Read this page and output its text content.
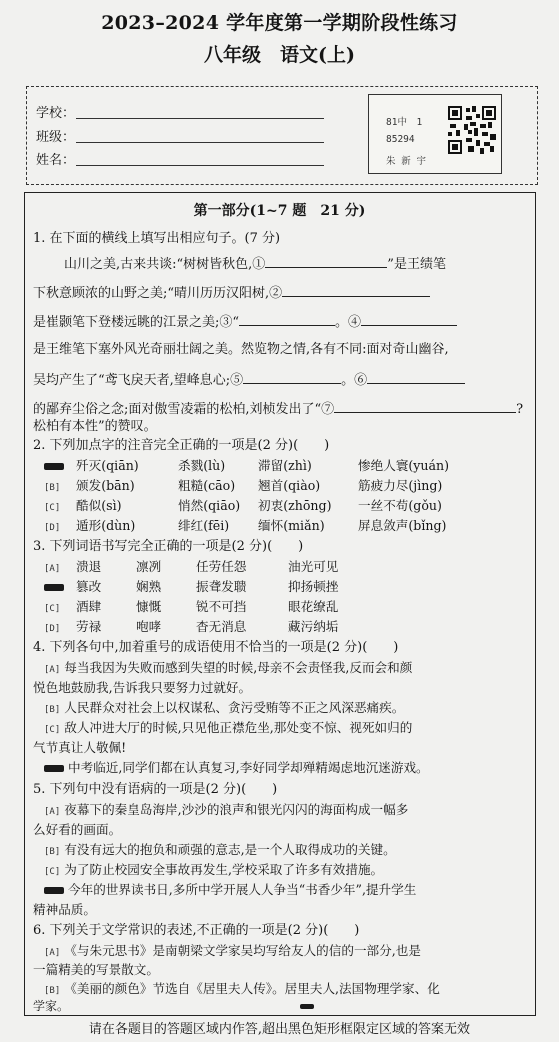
2023–2024 学年度第一学期阶段性练习
八年级　语文(上)
学校：
班级：
姓名：
81中　1
85294
朱 新 宇
第一部分(1~7 题　21 分)
1. 在下面的横线上填写出相应句子。(7 分)
山川之美,古来共谈:“树树皆秋色,①	”是王绩笔
下秋意顾浓的山野之美;“晴川历历汉阳树,②
是崔颢笔下登楼远眺的江景之美;③“	。④
是王维笔下塞外风光奇丽壮阔之美。然览物之情,各有不同:面对奇山幽谷,
吴均产生了“鸢飞戾天者,望峰息心;⑤	。⑥
的鄙弃尘俗之念;面对傲雪凌霜的松柏,刘桢发出了“⑦	?
松柏有本性”的赞叹。
2. 下列加点字的注音完全正确的一项是(2 分)(　　)
歼灭(qiān)	杀戮(lù)	滞留(zhì)	惨绝人寰(yuán)
[B] 颁发(bān)	粗糙(cāo) 翘首(qiào)	筋疲力尽(jìng)
[C] 酷似(sì)	悄然(qiāo) 初衷(zhōng) 一丝不苟(gǒu)
[D] 遁形(dùn)	绯红(fēi) 缅怀(miǎn)	屏息敛声(bǐng)
3. 下列词语书写完全正确的一项是(2 分)(　　)
[A] 溃退	凛冽	任劳任怨	油光可见
篡改	娴熟	振聋发聩	抑扬顿挫
[C] 酒肆	慷慨	锐不可挡	眼花缭乱
[D] 劳禄	咆哮	杳无消息	藏污纳垢
4. 下列各句中,加着重号的成语使用不恰当的一项是(2 分)(　　)
[A] 每当我因为失败而感到失望的时候,母亲不会责怪我,反而会和颜
悦色地鼓励我,告诉我只要努力过就好。
[B] 人民群众对社会上以权谋私、贪污受贿等不正之风深恶痛疾。
[C] 敌人冲进大厅的时候,只见他正襟危坐,那处变不惊、视死如归的
气节真让人敬佩!
中考临近,同学们都在认真复习,李好同学却殚精竭虑地沉迷游戏。
5. 下列句中没有语病的一项是(2 分)(　　)
[A] 夜幕下的秦皇岛海岸,沙沙的浪声和银光闪闪的海面构成一幅多
么好看的画面。
[B] 有没有远大的抱负和顽强的意志,是一个人取得成功的关键。
[C] 为了防止校园安全事故再发生,学校采取了许多有效措施。
今年的世界读书日,多所中学开展人人争当“书香少年”,提升学生
精神品质。
6. 下列关于文学常识的表述,不正确的一项是(2 分)(　　)
[A] 《与朱元思书》是南朝梁文学家吴均写给友人的信的一部分,也是
一篇精美的写景散文。
[B] 《美丽的颜色》节选自《居里夫人传》。居里夫人,法国物理学家、化
学家。
请在各题目的答题区域内作答,超出黑色矩形框限定区域的答案无效
